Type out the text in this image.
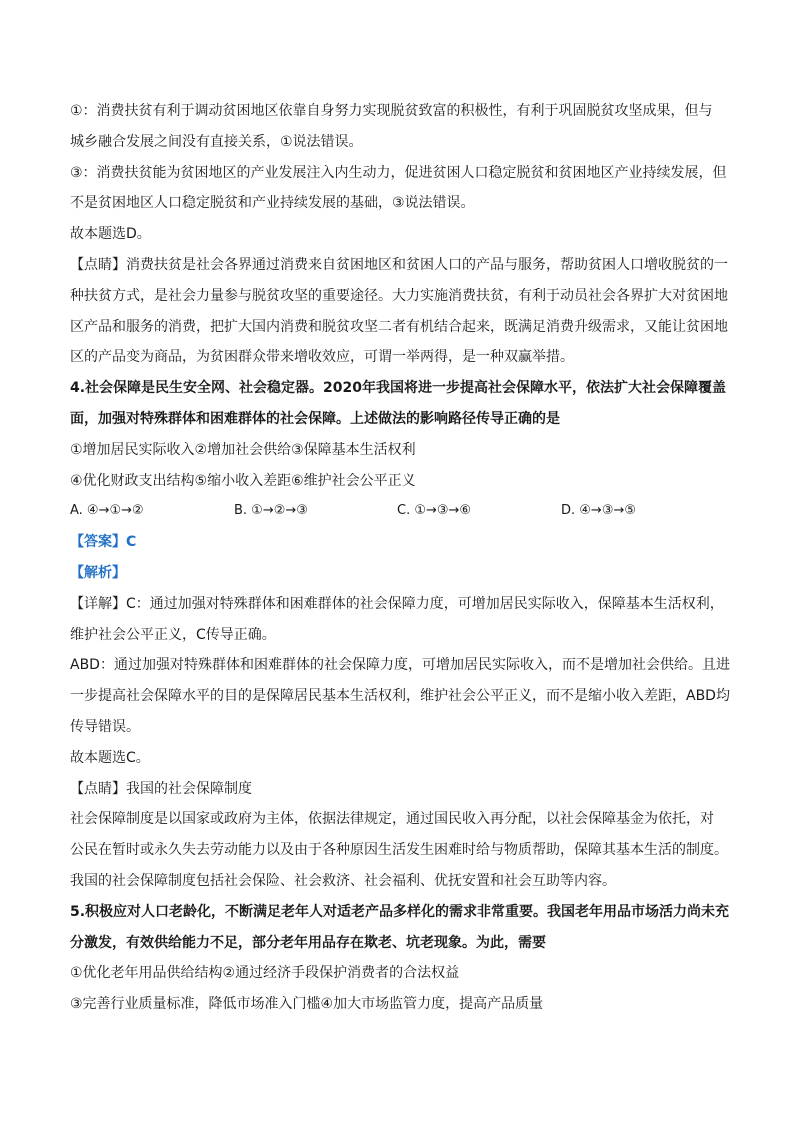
①：消费扶贫有利于调动贫困地区依靠自身努力实现脱贫致富的积极性，有利于巩固脱贫攻坚成果，但与
城乡融合发展之间没有直接关系，①说法错误。
③：消费扶贫能为贫困地区的产业发展注入内生动力，促进贫困人口稳定脱贫和贫困地区产业持续发展，但
不是贫困地区人口稳定脱贫和产业持续发展的基础，③说法错误。
故本题选D。
【点睛】消费扶贫是社会各界通过消费来自贫困地区和贫困人口的产品与服务，帮助贫困人口增收脱贫的一
种扶贫方式，是社会力量参与脱贫攻坚的重要途径。大力实施消费扶贫，有利于动员社会各界扩大对贫困地
区产品和服务的消费，把扩大国内消费和脱贫攻坚二者有机结合起来，既满足消费升级需求，又能让贫困地
区的产品变为商品，为贫困群众带来增收效应，可谓一举两得，是一种双赢举措。
4.社会保障是民生安全网、社会稳定器。2020年我国将进一步提高社会保障水平，依法扩大社会保障覆盖
面，加强对特殊群体和困难群体的社会保障。上述做法的影响路径传导正确的是
①增加居民实际收入②增加社会供给③保障基本生活权利
④优化财政支出结构⑤缩小收入差距⑥维护社会公平正义
A. ④→①→②	B. ①→②→③	C. ①→③→⑥	D. ④→③→⑤
【答案】C
【解析】
【详解】C：通过加强对特殊群体和困难群体的社会保障力度，可增加居民实际收入，保障基本生活权利，
维护社会公平正义，C传导正确。
ABD：通过加强对特殊群体和困难群体的社会保障力度，可增加居民实际收入，而不是增加社会供给。且进
一步提高社会保障水平的目的是保障居民基本生活权利，维护社会公平正义，而不是缩小收入差距，ABD均
传导错误。
故本题选C。
【点睛】我国的社会保障制度
社会保障制度是以国家或政府为主体，依据法律规定，通过国民收入再分配，以社会保障基金为依托，对
公民在暂时或永久失去劳动能力以及由于各种原因生活发生困难时给与物质帮助，保障其基本生活的制度。
我国的社会保障制度包括社会保险、社会救济、社会福利、优抚安置和社会互助等内容。
5.积极应对人口老龄化，不断满足老年人对适老产品多样化的需求非常重要。我国老年用品市场活力尚未充
分激发，有效供给能力不足，部分老年用品存在欺老、坑老现象。为此，需要
①优化老年用品供给结构②通过经济手段保护消费者的合法权益
③完善行业质量标准，降低市场准入门槛④加大市场监管力度，提高产品质量
